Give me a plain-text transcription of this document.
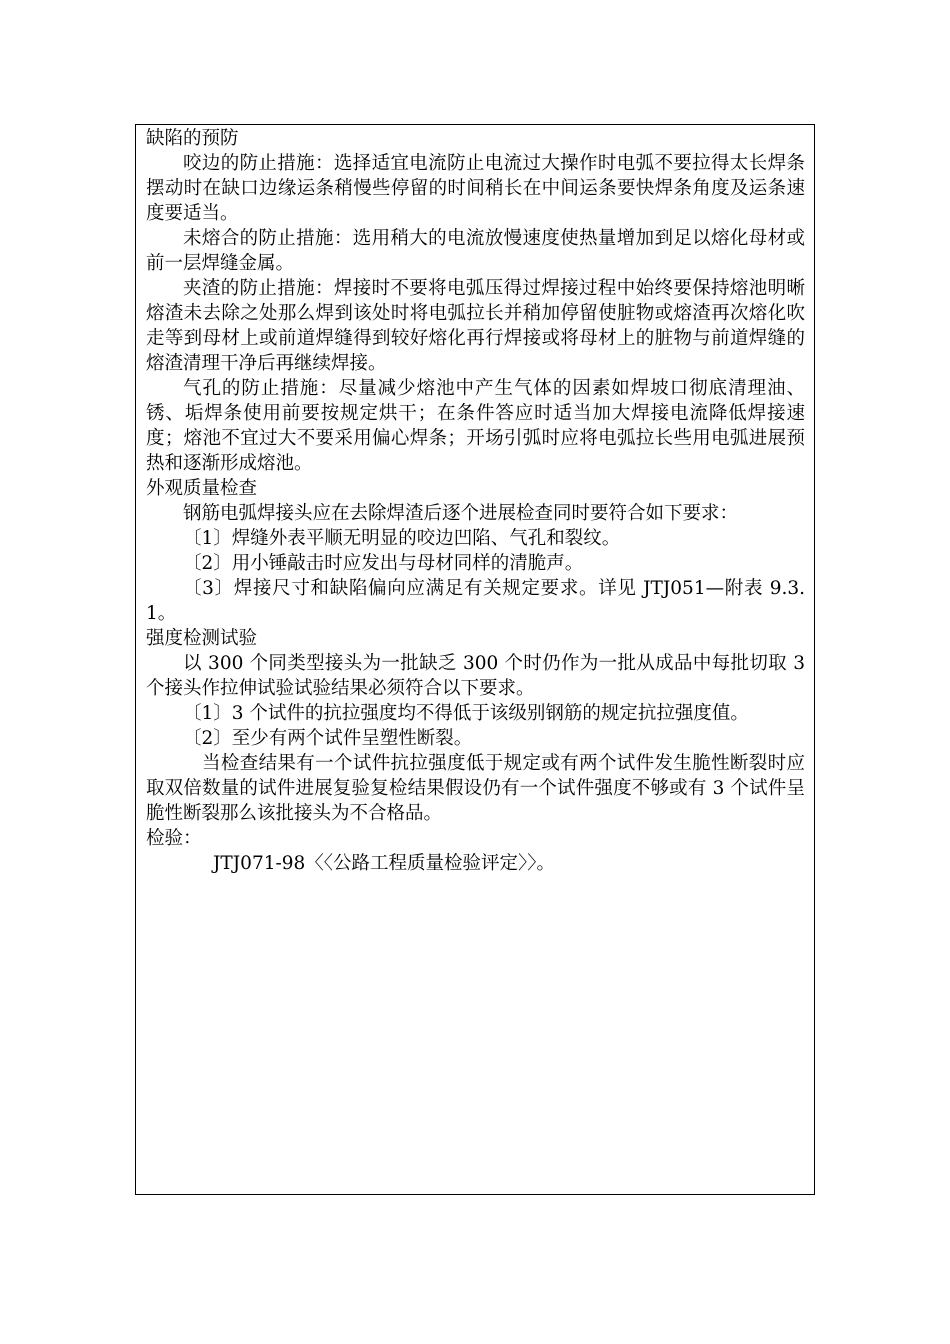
缺陷的预防

咬边的防止措施：选择适宜电流防止电流过大操作时电弧不要拉得太长焊条摆动时在缺口边缘运条稍慢些停留的时间稍长在中间运条要快焊条角度及运条速度要适当。

未熔合的防止措施：选用稍大的电流放慢速度使热量增加到足以熔化母材或前一层焊缝金属。

夹渣的防止措施：焊接时不要将电弧压得过焊接过程中始终要保持熔池明晰熔渣未去除之处那么焊到该处时将电弧拉长并稍加停留使脏物或熔渣再次熔化吹走等到母材上或前道焊缝得到较好熔化再行焊接或将母材上的脏物与前道焊缝的熔渣清理干净后再继续焊接。

气孔的防止措施：尽量减少熔池中产生气体的因素如焊坡口彻底清理油、锈、垢焊条使用前要按规定烘干；在条件答应时适当加大焊接电流降低焊接速度；熔池不宜过大不要采用偏心焊条；开场引弧时应将电弧拉长些用电弧进展预热和逐渐形成熔池。

外观质量检查

钢筋电弧焊接头应在去除焊渣后逐个进展检查同时要符合如下要求：

〔1〕焊缝外表平顺无明显的咬边凹陷、气孔和裂纹。

〔2〕用小锤敲击时应发出与母材同样的清脆声。

〔3〕焊接尺寸和缺陷偏向应满足有关规定要求。详见 JTJ051—附表 9.3.1。

强度检测试验

以 300 个同类型接头为一批缺乏 300 个时仍作为一批从成品中每批切取 3 个接头作拉伸试验试验结果必须符合以下要求。

〔1〕3 个试件的抗拉强度均不得低于该级别钢筋的规定抗拉强度值。

〔2〕至少有两个试件呈塑性断裂。

当检查结果有一个试件抗拉强度低于规定或有两个试件发生脆性断裂时应取双倍数量的试件进展复验复检结果假设仍有一个试件强度不够或有 3 个试件呈脆性断裂那么该批接头为不合格品。

检验：

JTJ071-98〈〈公路工程质量检验评定〉〉。
